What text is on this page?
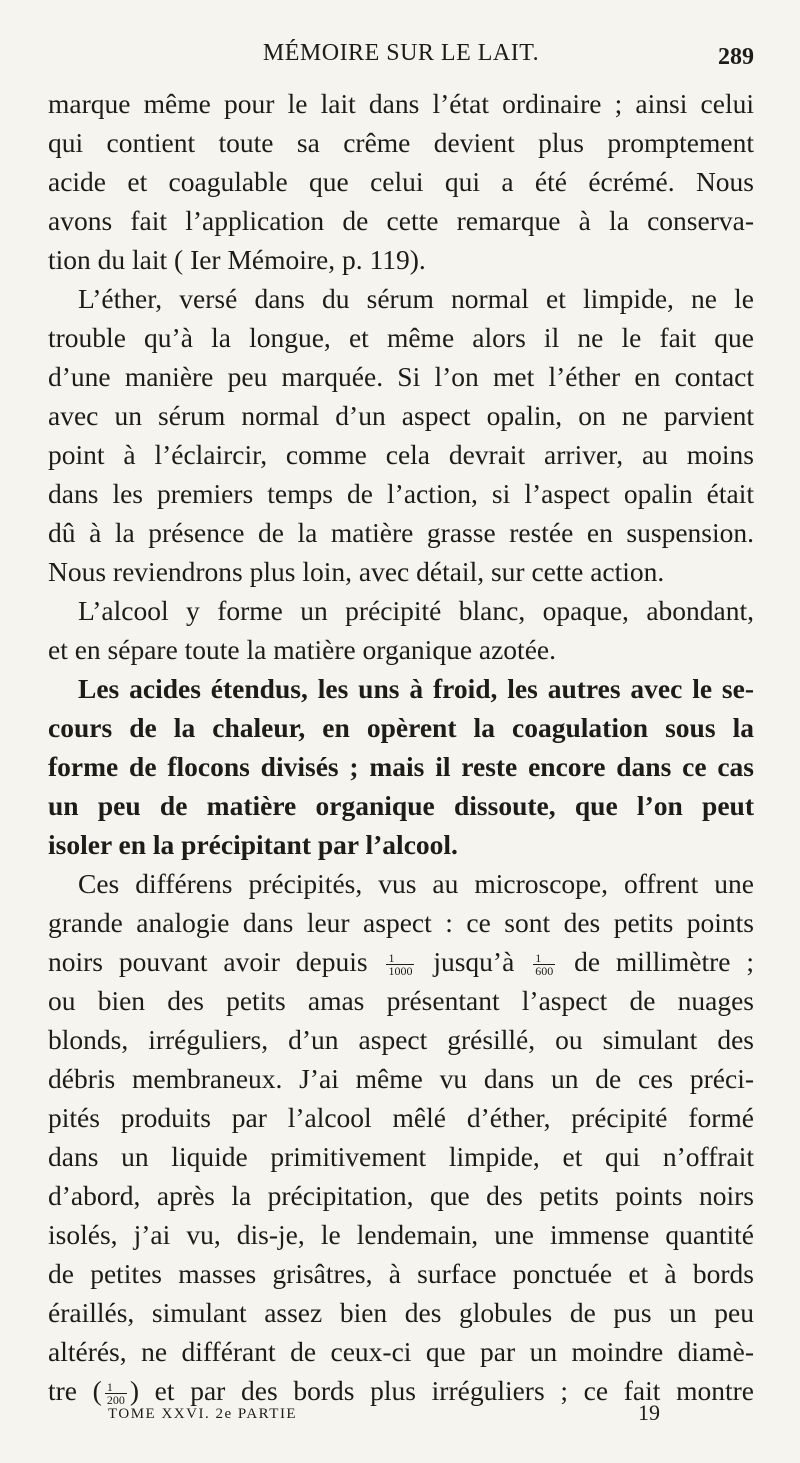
MÉMOIRE SUR LE LAIT.	289
marque même pour le lait dans l’état ordinaire ; ainsi celui
qui contient toute sa crême devient plus promptement
acide et coagulable que celui qui a été écrémé. Nous
avons fait l’application de cette remarque à la conserva-
tion du lait ( Ier Mémoire, p. 119).
L’éther, versé dans du sérum normal et limpide, ne le
trouble qu’à la longue, et même alors il ne le fait que
d’une manière peu marquée. Si l’on met l’éther en contact
avec un sérum normal d’un aspect opalin, on ne parvient
point à l’éclaircir, comme cela devrait arriver, au moins
dans les premiers temps de l’action, si l’aspect opalin était
dû à la présence de la matière grasse restée en suspension.
Nous reviendrons plus loin, avec détail, sur cette action.
L’alcool y forme un précipité blanc, opaque, abondant,
et en sépare toute la matière organique azotée.
Les acides étendus, les uns à froid, les autres avec le se-
cours de la chaleur, en opèrent la coagulation sous la
forme de flocons divisés ; mais il reste encore dans ce cas
un peu de matière organique dissoute, que l’on peut
isoler en la précipitant par l’alcool.
Ces différens précipités, vus au microscope, offrent une
grande analogie dans leur aspect : ce sont des petits points
noirs pouvant avoir depuis $\frac{1}{1000}$ jusqu’à $\frac{1}{600}$ de millimètre ;
ou bien des petits amas présentant l’aspect de nuages
blonds, irréguliers, d’un aspect grésillé, ou simulant des
débris membraneux. J’ai même vu dans un de ces préci-
pités produits par l’alcool mêlé d’éther, précipité formé
dans un liquide primitivement limpide, et qui n’offrait
d’abord, après la précipitation, que des petits points noirs
isolés, j’ai vu, dis-je, le lendemain, une immense quantité
de petites masses grisâtres, à surface ponctuée et à bords
éraillés, simulant assez bien des globules de pus un peu
altérés, ne différant de ceux-ci que par un moindre diamè-
tre ( $\frac{1}{200}$ ) et par des bords plus irréguliers ; ce fait montre
TOME XXVI. 2e PARTIE	19
